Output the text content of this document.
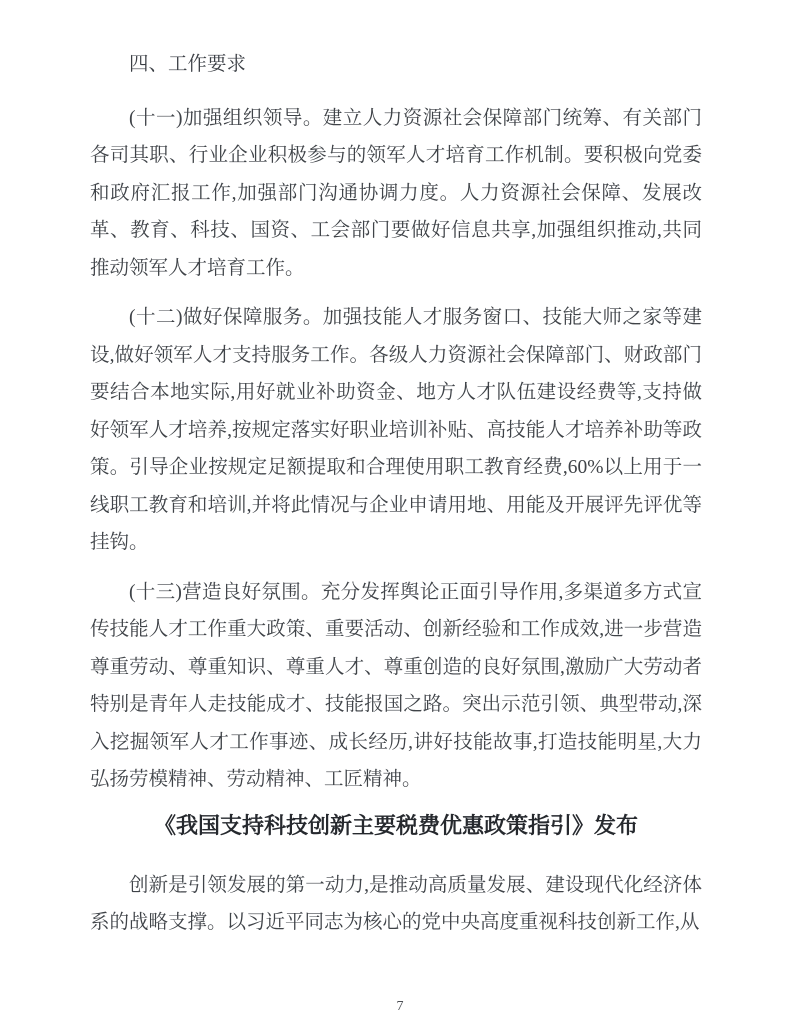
四、工作要求

(十一)加强组织领导。建立人力资源社会保障部门统筹、有关部门各司其职、行业企业积极参与的领军人才培育工作机制。要积极向党委和政府汇报工作,加强部门沟通协调力度。人力资源社会保障、发展改革、教育、科技、国资、工会部门要做好信息共享,加强组织推动,共同推动领军人才培育工作。

(十二)做好保障服务。加强技能人才服务窗口、技能大师之家等建设,做好领军人才支持服务工作。各级人力资源社会保障部门、财政部门要结合本地实际,用好就业补助资金、地方人才队伍建设经费等,支持做好领军人才培养,按规定落实好职业培训补贴、高技能人才培养补助等政策。引导企业按规定足额提取和合理使用职工教育经费,60%以上用于一线职工教育和培训,并将此情况与企业申请用地、用能及开展评先评优等挂钩。

(十三)营造良好氛围。充分发挥舆论正面引导作用,多渠道多方式宣传技能人才工作重大政策、重要活动、创新经验和工作成效,进一步营造尊重劳动、尊重知识、尊重人才、尊重创造的良好氛围,激励广大劳动者特别是青年人走技能成才、技能报国之路。突出示范引领、典型带动,深入挖掘领军人才工作事迹、成长经历,讲好技能故事,打造技能明星,大力弘扬劳模精神、劳动精神、工匠精神。

《我国支持科技创新主要税费优惠政策指引》发布

创新是引领发展的第一动力,是推动高质量发展、建设现代化经济体系的战略支撑。以习近平同志为核心的党中央高度重视科技创新工作,从

7
